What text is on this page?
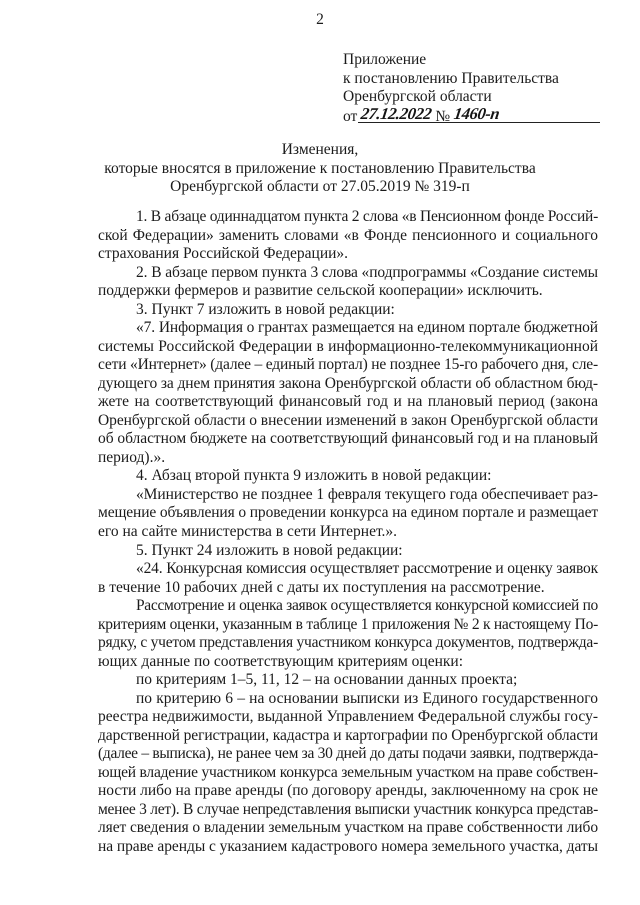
2
Приложение
к постановлению Правительства
Оренбургской области
от 27.12.2022 № 1460-п
Изменения,
которые вносятся в приложение к постановлению Правительства
Оренбургской области от 27.05.2019 № 319-п
1. В абзаце одиннадцатом пункта 2 слова «в Пенсионном фонде Россий-
ской Федерации» заменить словами «в Фонде пенсионного и социального
страхования Российской Федерации».
2. В абзаце первом пункта 3 слова «подпрограммы «Создание системы
поддержки фермеров и развитие сельской кооперации» исключить.
3. Пункт 7 изложить в новой редакции:
«7. Информация о грантах размещается на едином портале бюджетной
системы Российской Федерации в информационно-телекоммуникационной
сети «Интернет» (далее – единый портал) не позднее 15-го рабочего дня, сле-
дующего за днем принятия закона Оренбургской области об областном бюд-
жете на соответствующий финансовый год и на плановый период (закона
Оренбургской области о внесении изменений в закон Оренбургской области
об областном бюджете на соответствующий финансовый год и на плановый
период).».
4. Абзац второй пункта 9 изложить в новой редакции:
«Министерство не позднее 1 февраля текущего года обеспечивает раз-
мещение объявления о проведении конкурса на едином портале и размещает
его на сайте министерства в сети Интернет.».
5. Пункт 24 изложить в новой редакции:
«24. Конкурсная комиссия осуществляет рассмотрение и оценку заявок
в течение 10 рабочих дней с даты их поступления на рассмотрение.
Рассмотрение и оценка заявок осуществляется конкурсной комиссией по
критериям оценки, указанным в таблице 1 приложения № 2 к настоящему По-
рядку, с учетом представления участником конкурса документов, подтвержда-
ющих данные по соответствующим критериям оценки:
по критериям 1–5, 11, 12 – на основании данных проекта;
по критерию 6 – на основании выписки из Единого государственного
реестра недвижимости, выданной Управлением Федеральной службы госу-
дарственной регистрации, кадастра и картографии по Оренбургской области
(далее – выписка), не ранее чем за 30 дней до даты подачи заявки, подтвержда-
ющей владение участником конкурса земельным участком на праве собствен-
ности либо на праве аренды (по договору аренды, заключенному на срок не
менее 3 лет). В случае непредставления выписки участник конкурса представ-
ляет сведения о владении земельным участком на праве собственности либо
на праве аренды с указанием кадастрового номера земельного участка, даты
